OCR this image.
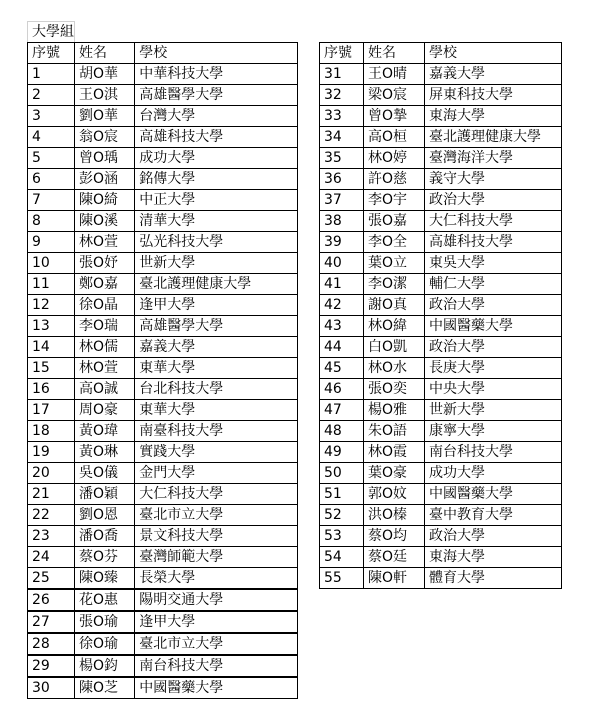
大學組		
序號	姓名	學校
1	胡O華	中華科技大學
2	王O淇	高雄醫學大學
3	劉O華	台灣大學
4	翁O宸	高雄科技大學
5	曾O瑀	成功大學
6	彭O涵	銘傳大學
7	陳O綺	中正大學
8	陳O溪	清華大學
9	林O萱	弘光科技大學
10	張O妤	世新大學
11	鄭O嘉	臺北護理健康大學
12	徐O晶	逢甲大學
13	李O瑞	高雄醫學大學
14	林O儒	嘉義大學
15	林O萱	東華大學
16	高O誠	台北科技大學
17	周O豪	東華大學
18	黃O瑋	南臺科技大學
19	黃O琳	實踐大學
20	吳O儀	金門大學
21	潘O穎	大仁科技大學
22	劉O恩	臺北市立大學
23	潘O喬	景文科技大學
24	蔡O芬	臺灣師範大學
25	陳O臻	長榮大學
26	花O惠	陽明交通大學
27	張O瑜	逢甲大學
28	徐O瑜	臺北市立大學
29	楊O鈞	南台科技大學
30	陳O芝	中國醫藥大學
序號	姓名	學校
31	王O晴	嘉義大學
32	梁O宸	屏東科技大學
33	曾O摯	東海大學
34	高O桓	臺北護理健康大學
35	林O婷	臺灣海洋大學
36	許O慈	義守大學
37	李O宇	政治大學
38	張O嘉	大仁科技大學
39	李O全	高雄科技大學
40	葉O立	東吳大學
41	李O潔	輔仁大學
42	謝O真	政治大學
43	林O緯	中國醫藥大學
44	白O凱	政治大學
45	林O水	長庚大學
46	張O奕	中央大學
47	楊O雅	世新大學
48	朱O語	康寧大學
49	林O霞	南台科技大學
50	葉O豪	成功大學
51	郭O妏	中國醫藥大學
52	洪O榛	臺中教育大學
53	蔡O均	政治大學
54	蔡O廷	東海大學
55	陳O軒	體育大學
